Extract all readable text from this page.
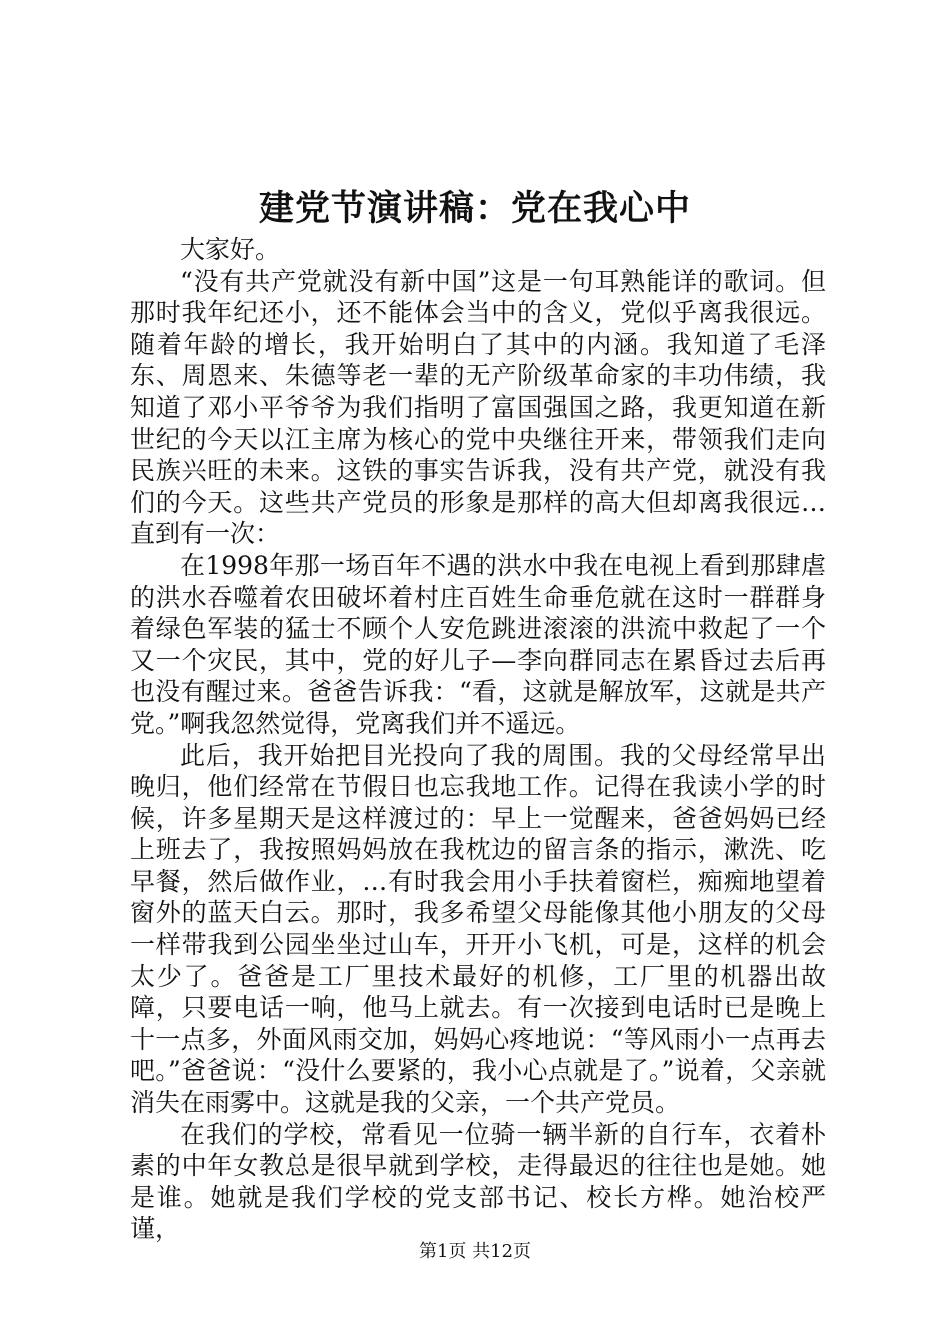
建党节演讲稿：党在我心中

大家好。

“没有共产党就没有新中国”这是一句耳熟能详的歌词。但那时我年纪还小，还不能体会当中的含义，党似乎离我很远。随着年龄的增长，我开始明白了其中的内涵。我知道了毛泽东、周恩来、朱德等老一辈的无产阶级革命家的丰功伟绩，我知道了邓小平爷爷为我们指明了富国强国之路，我更知道在新世纪的今天以江主席为核心的党中央继往开来，带领我们走向民族兴旺的未来。这铁的事实告诉我，没有共产党，就没有我们的今天。这些共产党员的形象是那样的高大但却离我很远…直到有一次：

在1998年那一场百年不遇的洪水中我在电视上看到那肆虐的洪水吞噬着农田破坏着村庄百姓生命垂危就在这时一群群身着绿色军装的猛士不顾个人安危跳进滚滚的洪流中救起了一个又一个灾民，其中，党的好儿子—李向群同志在累昏过去后再也没有醒过来。爸爸告诉我：“看，这就是解放军，这就是共产党。”啊我忽然觉得，党离我们并不遥远。

此后，我开始把目光投向了我的周围。我的父母经常早出晚归，他们经常在节假日也忘我地工作。记得在我读小学的时候，许多星期天是这样渡过的：早上一觉醒来，爸爸妈妈已经上班去了，我按照妈妈放在我枕边的留言条的指示，漱洗、吃早餐，然后做作业，…有时我会用小手扶着窗栏，痴痴地望着窗外的蓝天白云。那时，我多希望父母能像其他小朋友的父母一样带我到公园坐坐过山车，开开小飞机，可是，这样的机会太少了。爸爸是工厂里技术最好的机修，工厂里的机器出故障，只要电话一响，他马上就去。有一次接到电话时已是晚上十一点多，外面风雨交加，妈妈心疼地说：“等风雨小一点再去吧。”爸爸说：“没什么要紧的，我小心点就是了。”说着，父亲就消失在雨雾中。这就是我的父亲，一个共产党员。

在我们的学校，常看见一位骑一辆半新的自行车，衣着朴素的中年女教总是很早就到学校，走得最迟的往往也是她。她是谁。她就是我们学校的党支部书记、校长方桦。她治校严谨，

第1页 共12页
